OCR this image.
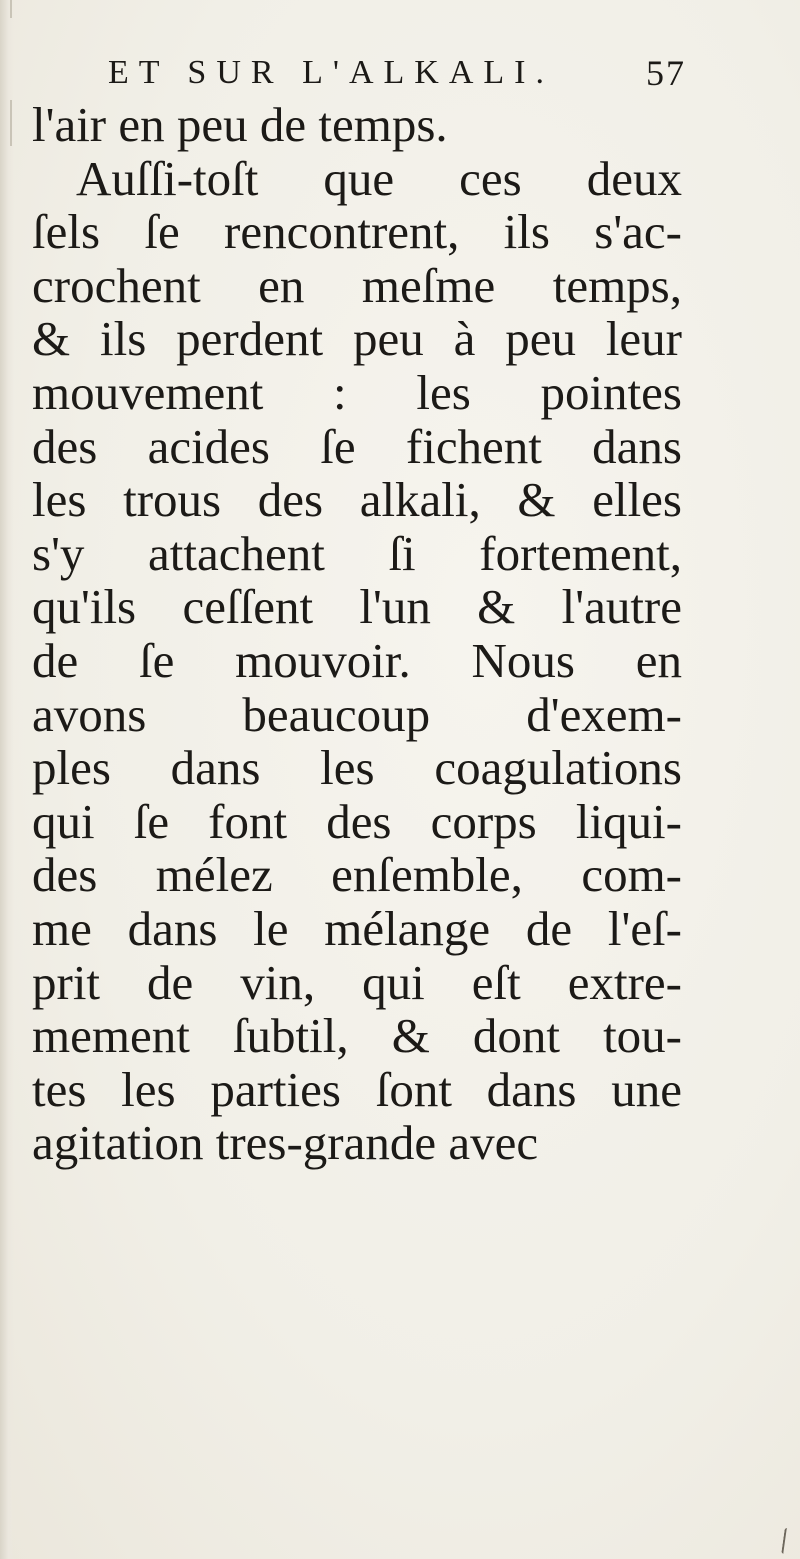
ET SUR L'ALKALI.	57
l'air en peu de temps.
Auſſi-toſt que ces deux
ſels ſe rencontrent, ils s'ac-
crochent en meſme temps,
& ils perdent peu à peu leur
mouvement : les pointes
des acides ſe fichent dans
les trous des alkali, & elles
s'y attachent ſi fortement,
qu'ils ceſſent l'un & l'autre
de ſe mouvoir. Nous en
avons beaucoup d'exem-
ples dans les coagulations
qui ſe font des corps liqui-
des mélez enſemble, com-
me dans le mélange de l'eſ-
prit de vin, qui eſt extre-
mement ſubtil, & dont tou-
tes les parties ſont dans une
agitation tres-grande avec
